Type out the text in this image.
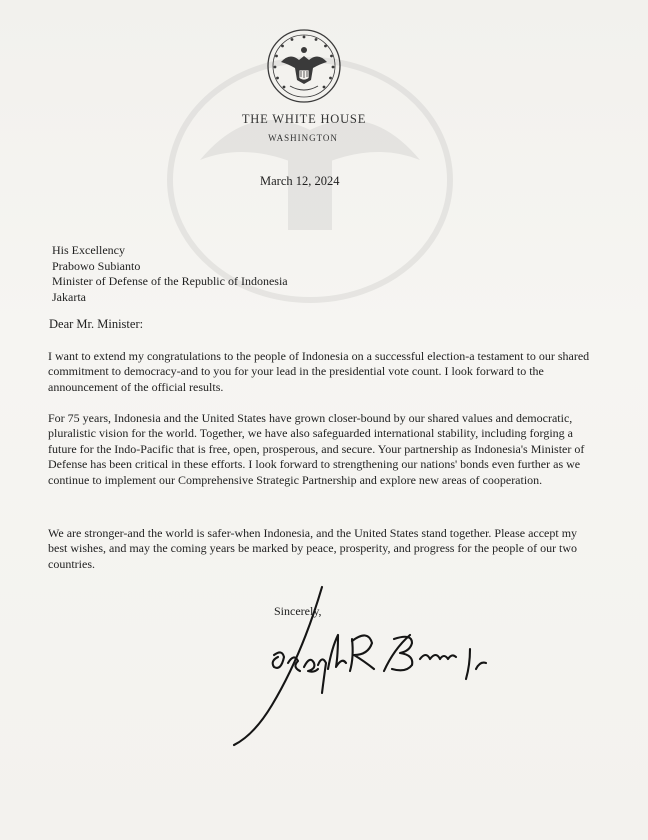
THE WHITE HOUSE
WASHINGTON
March 12, 2024
His Excellency
Prabowo Subianto
Minister of Defense of the Republic of Indonesia
Jakarta
Dear Mr. Minister:
I want to extend my congratulations to the people of Indonesia on a successful election-a testament to our shared commitment to democracy-and to you for your lead in the presidential vote count. I look forward to the announcement of the official results.
For 75 years, Indonesia and the United States have grown closer-bound by our shared values and democratic, pluralistic vision for the world. Together, we have also safeguarded international stability, including forging a future for the Indo-Pacific that is free, open, prosperous, and secure. Your partnership as Indonesia's Minister of Defense has been critical in these efforts. I look forward to strengthening our nations' bonds even further as we continue to implement our Comprehensive Strategic Partnership and explore new areas of cooperation.
We are stronger-and the world is safer-when Indonesia, and the United States stand together. Please accept my best wishes, and may the coming years be marked by peace, prosperity, and progress for the people of our two countries.
Sincerely,
